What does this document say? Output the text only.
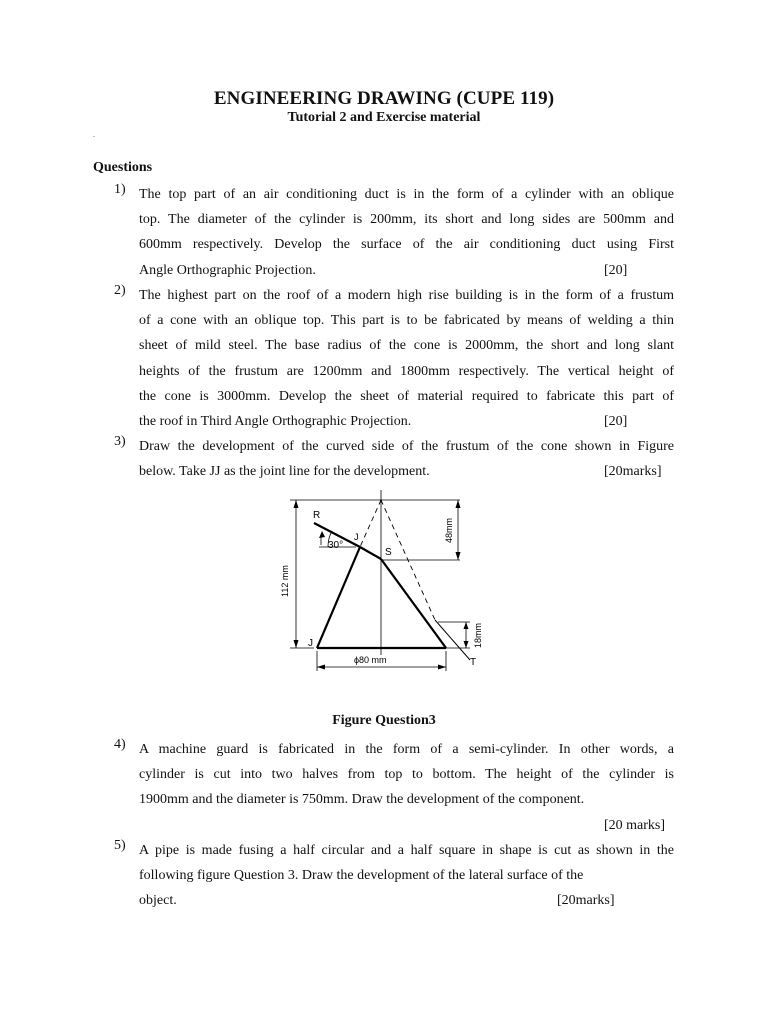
ENGINEERING DRAWING (CUPE 119)
Tutorial 2 and Exercise material
.
Questions
1) The top part of an air conditioning duct is in the form of a cylinder with an oblique
top. The diameter of the cylinder is 200mm, its short and long sides are 500mm and
600mm respectively. Develop the surface of the air conditioning duct using First
Angle Orthographic Projection.	[20]
2) The highest part on the roof of a modern high rise building is in the form of a frustum
of a cone with an oblique top. This part is to be fabricated by means of welding a thin
sheet of mild steel. The base radius of the cone is 2000mm, the short and long slant
heights of the frustum are 1200mm and 1800mm respectively. The vertical height of
the cone is 3000mm. Develop the sheet of material required to fabricate this part of
the roof in Third Angle Orthographic Projection.	[20]
3) Draw the development of the curved side of the frustum of the cone shown in Figure
below. Take JJ as the joint line for the development.	[20marks]
R
J
S
J
T
30°
ϕ80 mm
112 mm
48mm
18mm
Figure Question3
4) A machine guard is fabricated in the form of a semi-cylinder. In other words, a
cylinder is cut into two halves from top to bottom. The height of the cylinder is
1900mm and the diameter is 750mm. Draw the development of the component.
[20 marks]
5) A pipe is made fusing a half circular and a half square in shape is cut as shown in the
following figure Question 3. Draw the development of the lateral surface of the
object.	[20marks]
